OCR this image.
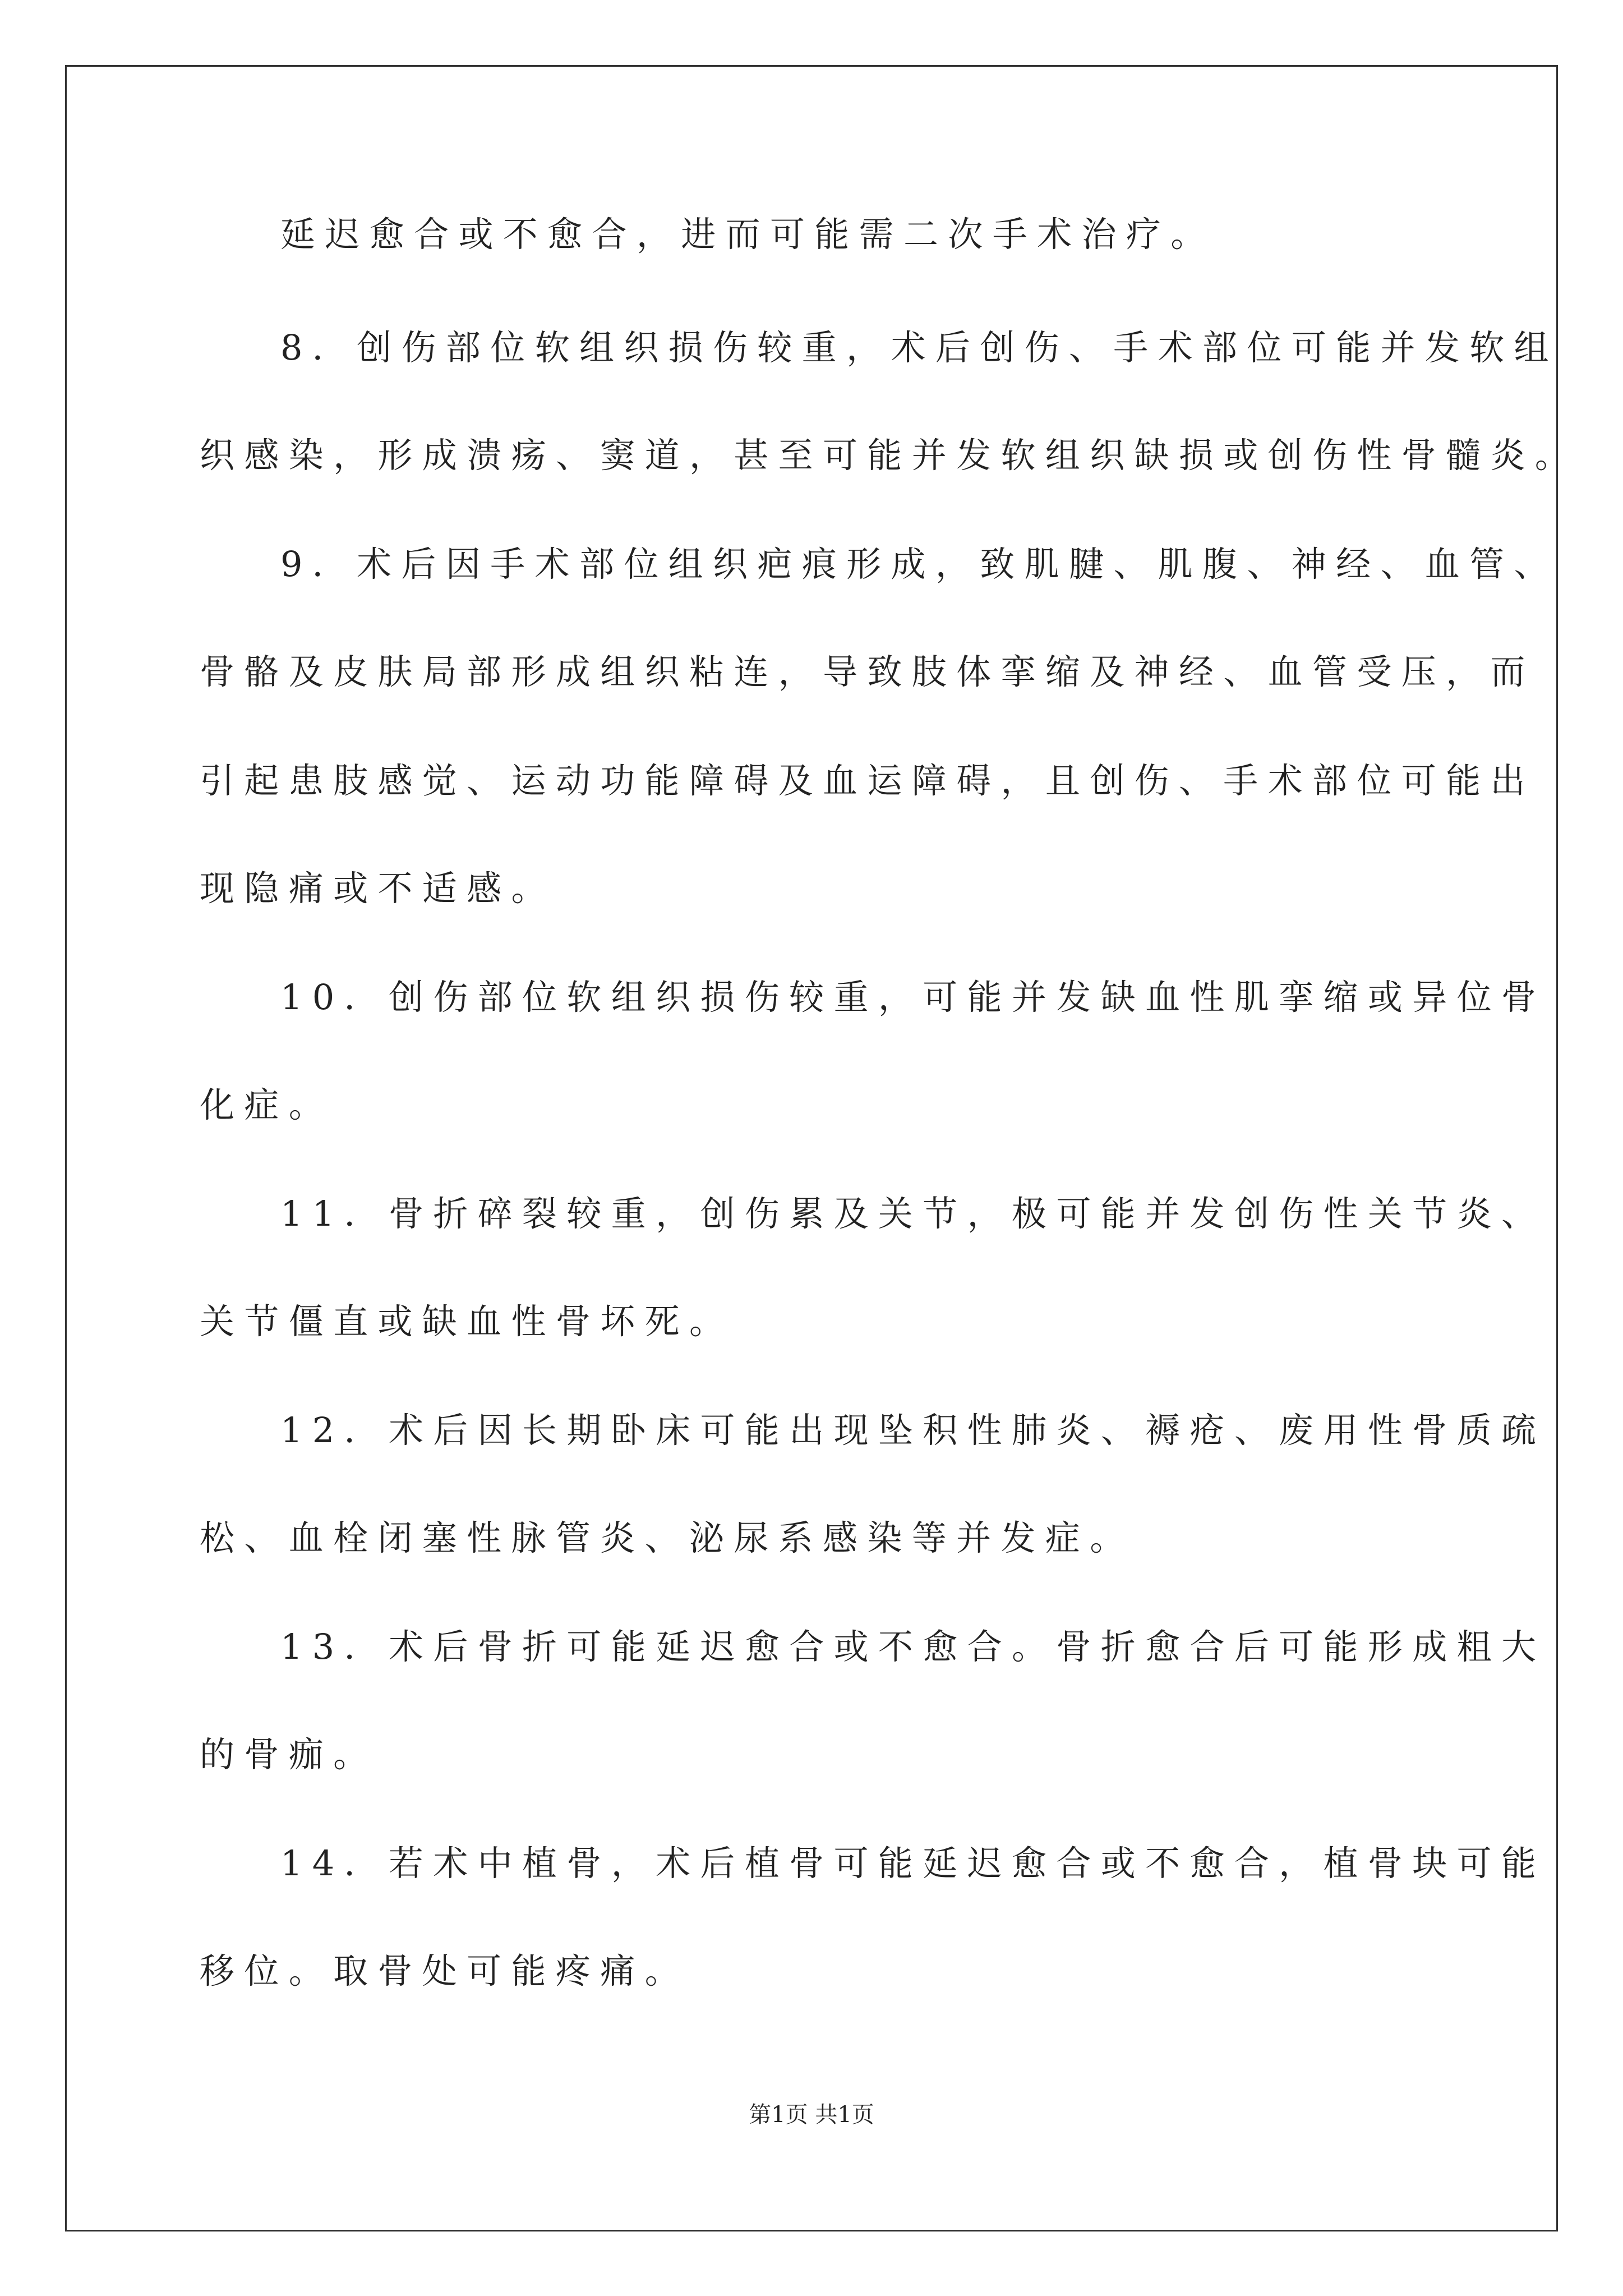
延迟愈合或不愈合，进而可能需二次手术治疗。
8．创伤部位软组织损伤较重，术后创伤、手术部位可能并发软组
织感染，形成溃疡、窦道，甚至可能并发软组织缺损或创伤性骨髓炎。
9．术后因手术部位组织疤痕形成，致肌腱、肌腹、神经、血管、
骨骼及皮肤局部形成组织粘连，导致肢体挛缩及神经、血管受压，而
引起患肢感觉、运动功能障碍及血运障碍，且创伤、手术部位可能出
现隐痛或不适感。
10．创伤部位软组织损伤较重，可能并发缺血性肌挛缩或异位骨
化症。
11．骨折碎裂较重，创伤累及关节，极可能并发创伤性关节炎、
关节僵直或缺血性骨坏死。
12．术后因长期卧床可能出现坠积性肺炎、褥疮、废用性骨质疏
松、血栓闭塞性脉管炎、泌尿系感染等并发症。
13．术后骨折可能延迟愈合或不愈合。骨折愈合后可能形成粗大
的骨痂。
14．若术中植骨，术后植骨可能延迟愈合或不愈合，植骨块可能
移位。取骨处可能疼痛。
第1页 共1页
